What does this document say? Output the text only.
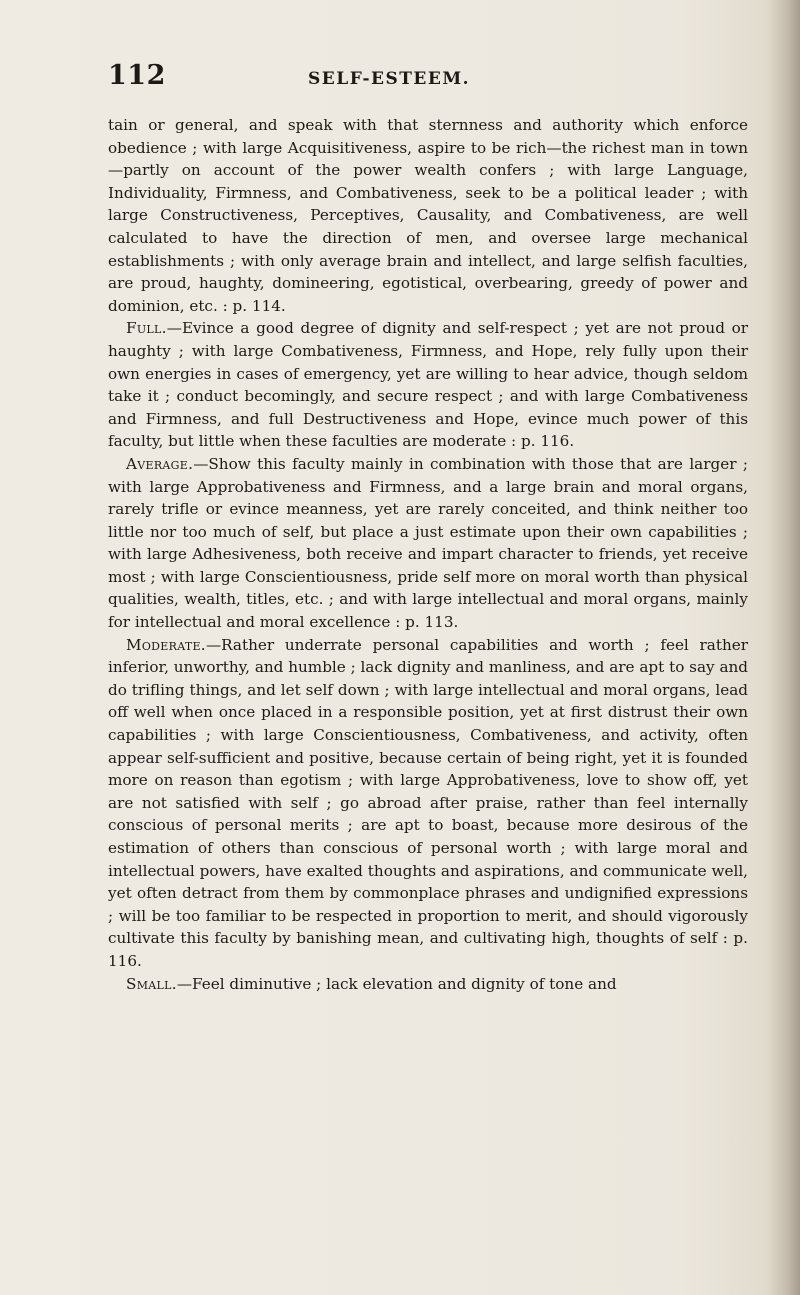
112	SELF-ESTEEM.

tain or general, and speak with that sternness and authority which enforce obedience ; with large Acquisitiveness, aspire to be rich—the richest man in town—partly on account of the power wealth confers ; with large Language, Individuality, Firmness, and Combativeness, seek to be a political leader ; with large Constructiveness, Perceptives, Causality, and Combativeness, are well calculated to have the direction of men, and oversee large mechanical establishments ; with only average brain and intellect, and large selfish faculties, are proud, haughty, domineering, egotistical, overbearing, greedy of power and dominion, etc. : p. 114.

Full.—Evince a good degree of dignity and self-respect ; yet are not proud or haughty ; with large Combativeness, Firmness, and Hope, rely fully upon their own energies in cases of emergency, yet are willing to hear advice, though seldom take it ; conduct becomingly, and secure respect ; and with large Combativeness and Firmness, and full Destructiveness and Hope, evince much power of this faculty, but little when these faculties are moderate : p. 116.

Average.—Show this faculty mainly in combination with those that are larger ; with large Approbativeness and Firmness, and a large brain and moral organs, rarely trifle or evince meanness, yet are rarely conceited, and think neither too little nor too much of self, but place a just estimate upon their own capabilities ; with large Adhesiveness, both receive and impart character to friends, yet receive most ; with large Conscientiousness, pride self more on moral worth than physical qualities, wealth, titles, etc. ; and with large intellectual and moral organs, mainly for intellectual and moral excellence : p. 113.

Moderate.—Rather underrate personal capabilities and worth ; feel rather inferior, unworthy, and humble ; lack dignity and manliness, and are apt to say and do trifling things, and let self down ; with large intellectual and moral organs, lead off well when once placed in a responsible position, yet at first distrust their own capabilities ; with large Conscientiousness, Combativeness, and activity, often appear self-sufficient and positive, because certain of being right, yet it is founded more on reason than egotism ; with large Approbativeness, love to show off, yet are not satisfied with self ; go abroad after praise, rather than feel internally conscious of personal merits ; are apt to boast, because more desirous of the estimation of others than conscious of personal worth ; with large moral and intellectual powers, have exalted thoughts and aspirations, and communicate well, yet often detract from them by commonplace phrases and undignified expressions ; will be too familiar to be respected in proportion to merit, and should vigorously cultivate this faculty by banishing mean, and cultivating high, thoughts of self : p. 116.

Small.—Feel diminutive ; lack elevation and dignity of tone and
